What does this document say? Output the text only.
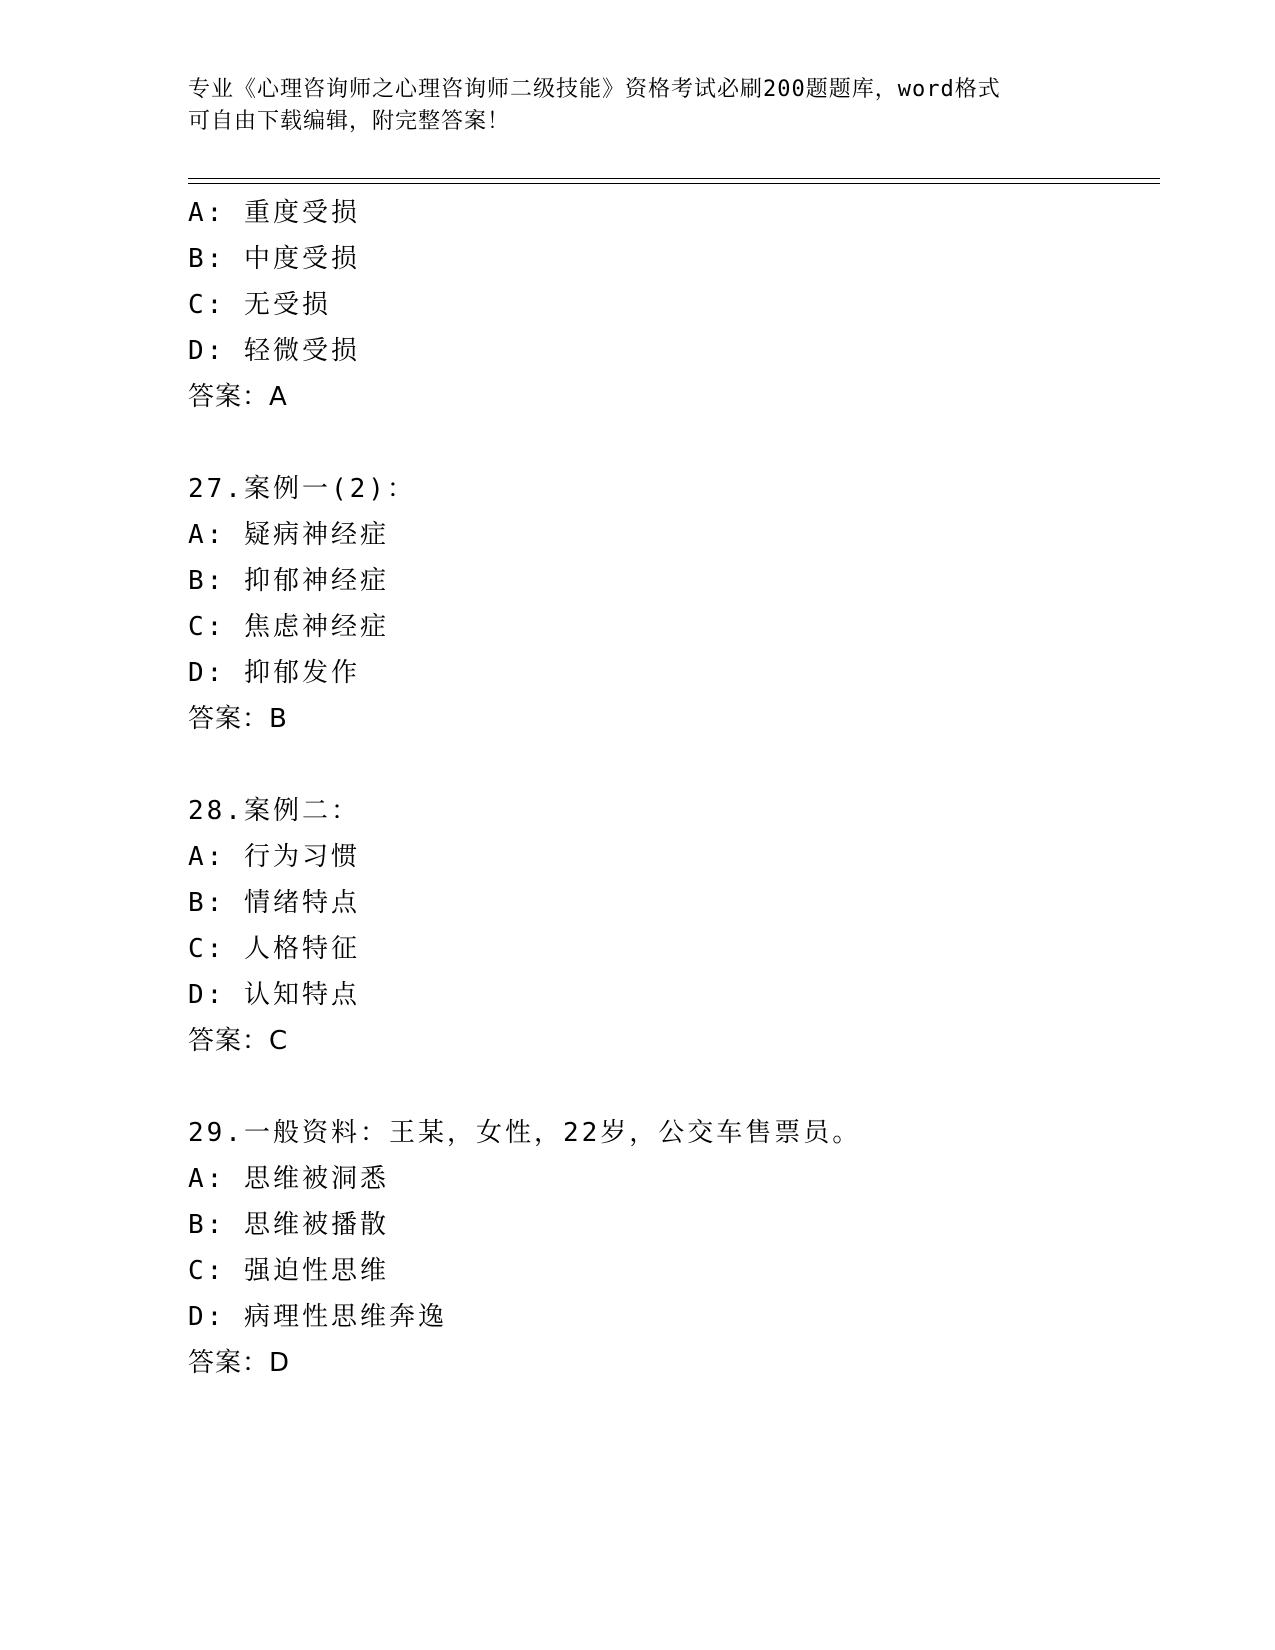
专业《心理咨询师之心理咨询师二级技能》资格考试必刷200题题库，word格式
可自由下载编辑，附完整答案！
A: 重度受损
B: 中度受损
C: 无受损
D: 轻微受损
答案：A
27.案例一(2)：
A: 疑病神经症
B: 抑郁神经症
C: 焦虑神经症
D: 抑郁发作
答案：B
28.案例二：
A: 行为习惯
B: 情绪特点
C: 人格特征
D: 认知特点
答案：C
29.一般资料：王某，女性，22岁，公交车售票员。
A: 思维被洞悉
B: 思维被播散
C: 强迫性思维
D: 病理性思维奔逸
答案：D
